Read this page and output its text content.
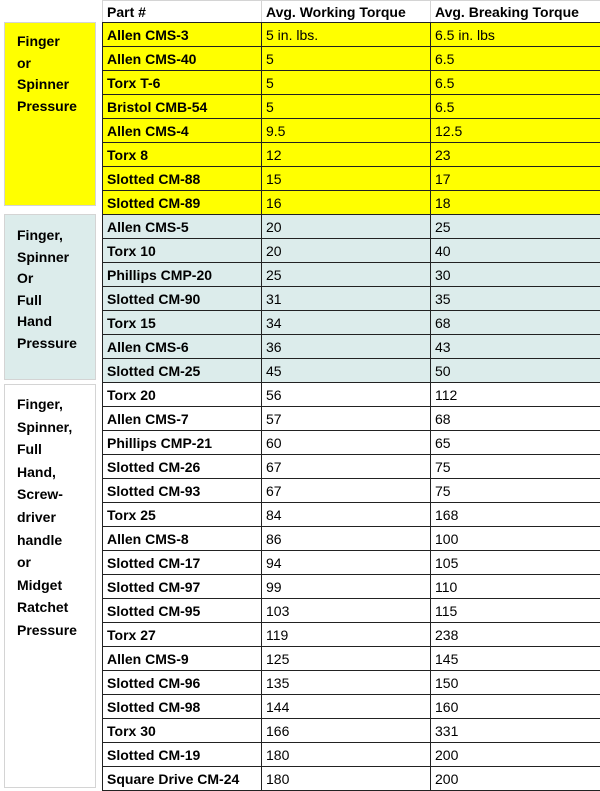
Finger
or
Spinner
Pressure
Finger,
Spinner
Or
Full
Hand
Pressure
Finger,
Spinner,
Full
Hand,
Screw-
driver
handle
or
Midget
Ratchet
Pressure
Part #	Avg. Working Torque	Avg. Breaking Torque
Allen CMS-3	5 in. lbs.	6.5 in. lbs
Allen CMS-40	5	6.5
Torx T-6	5	6.5
Bristol CMB-54	5	6.5
Allen CMS-4	9.5	12.5
Torx 8	12	23
Slotted CM-88	15	17
Slotted CM-89	16	18
Allen CMS-5	20	25
Torx 10	20	40
Phillips CMP-20	25	30
Slotted CM-90	31	35
Torx 15	34	68
Allen CMS-6	36	43
Slotted CM-25	45	50
Torx 20	56	112
Allen CMS-7	57	68
Phillips CMP-21	60	65
Slotted CM-26	67	75
Slotted CM-93	67	75
Torx 25	84	168
Allen CMS-8	86	100
Slotted CM-17	94	105
Slotted CM-97	99	110
Slotted CM-95	103	115
Torx 27	119	238
Allen CMS-9	125	145
Slotted CM-96	135	150
Slotted CM-98	144	160
Torx 30	166	331
Slotted CM-19	180	200
Square Drive CM-24	180	200
